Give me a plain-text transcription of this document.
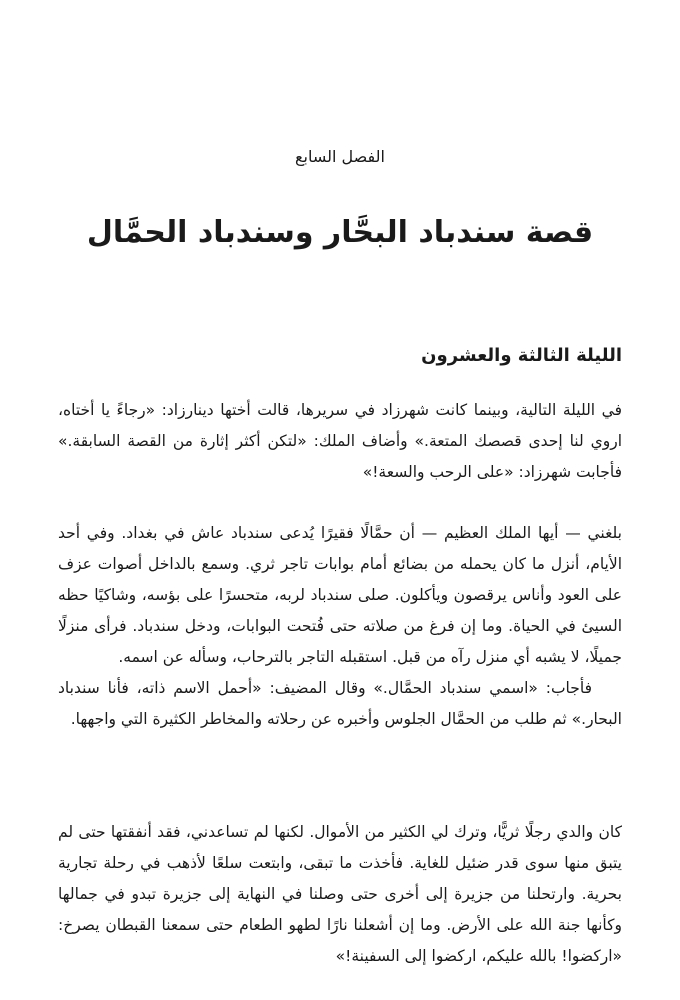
الفصل السابع
قصة سندباد البحَّار وسندباد الحمَّال
الليلة الثالثة والعشرون

في الليلة التالية، وبينما كانت شهرزاد في سريرها، قالت أختها دينارزاد: «رجاءً يا أختاه، اروي لنا إحدى قصصك المتعة.» وأضاف الملك: «لتكن أكثر إثارة من القصة السابقة.» فأجابت شهرزاد: «على الرحب والسعة!»

بلغني — أيها الملك العظيم — أن حمَّالًا فقيرًا يُدعى سندباد عاش في بغداد. وفي أحد الأيام، أنزل ما كان يحمله من بضائع أمام بوابات تاجر ثري. وسمع بالداخل أصوات عزف على العود وأناس يرقصون ويأكلون. صلى سندباد لربه، متحسرًا على بؤسه، وشاكيًا حظه السيئ في الحياة. وما إن فرغ من صلاته حتى فُتحت البوابات، ودخل سندباد. فرأى منزلًا جميلًا، لا يشبه أي منزل رآه من قبل. استقبله التاجر بالترحاب، وسأله عن اسمه.

فأجاب: «اسمي سندباد الحمَّال.» وقال المضيف: «أحمل الاسم ذاته، فأنا سندباد البحار.» ثم طلب من الحمَّال الجلوس وأخبره عن رحلاته والمخاطر الكثيرة التي واجهها.

كان والدي رجلًا ثريًّا، وترك لي الكثير من الأموال. لكنها لم تساعدني، فقد أنفقتها حتى لم يتبق منها سوى قدر ضئيل للغاية. فأخذت ما تبقى، وابتعت سلعًا لأذهب في رحلة تجارية بحرية. وارتحلنا من جزيرة إلى أخرى حتى وصلنا في النهاية إلى جزيرة تبدو في جمالها وكأنها جنة الله على الأرض. وما إن أشعلنا نارًا لطهو الطعام حتى سمعنا القبطان يصرخ: «اركضوا! بالله عليكم، اركضوا إلى السفينة!»
